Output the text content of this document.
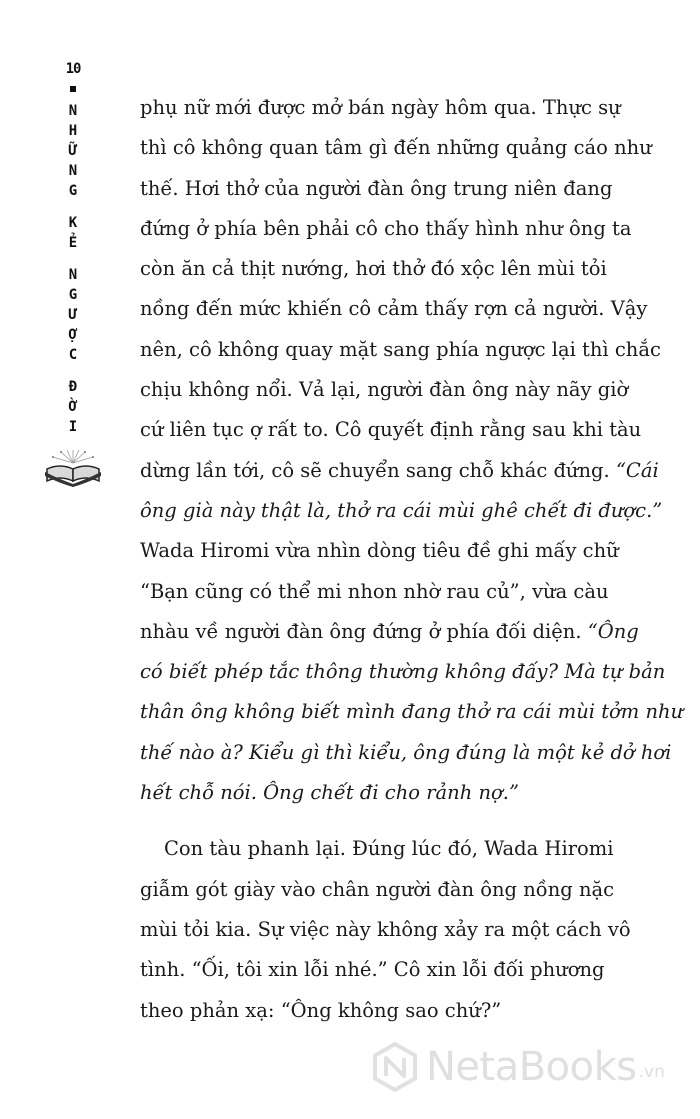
10
N
H
Ữ
N
G
K
Ẻ
N
G
Ư
Ợ
C
Đ
Ờ
I
phụ nữ mới được mở bán ngày hôm qua. Thực sự
thì cô không quan tâm gì đến những quảng cáo như
thế. Hơi thở của người đàn ông trung niên đang
đứng ở phía bên phải cô cho thấy hình như ông ta
còn ăn cả thịt nướng, hơi thở đó xộc lên mùi tỏi
nồng đến mức khiến cô cảm thấy rợn cả người. Vậy
nên, cô không quay mặt sang phía ngược lại thì chắc
chịu không nổi. Vả lại, người đàn ông này nãy giờ
cứ liên tục ợ rất to. Cô quyết định rằng sau khi tàu
dừng lần tới, cô sẽ chuyển sang chỗ khác đứng. “Cái
ông già này thật là, thở ra cái mùi ghê chết đi được.”
Wada Hiromi vừa nhìn dòng tiêu đề ghi mấy chữ
“Bạn cũng có thể mi nhon nhờ rau củ”, vừa càu
nhàu về người đàn ông đứng ở phía đối diện. “Ông
có biết phép tắc thông thường không đấy? Mà tự bản
thân ông không biết mình đang thở ra cái mùi tởm như
thế nào à? Kiểu gì thì kiểu, ông đúng là một kẻ dở hơi
hết chỗ nói. Ông chết đi cho rảnh nợ.”
Con tàu phanh lại. Đúng lúc đó, Wada Hiromi
giẫm gót giày vào chân người đàn ông nồng nặc
mùi tỏi kia. Sự việc này không xảy ra một cách vô
tình. “Ối, tôi xin lỗi nhé.” Cô xin lỗi đối phương
theo phản xạ: “Ông không sao chứ?”
NetaBooks .vn
